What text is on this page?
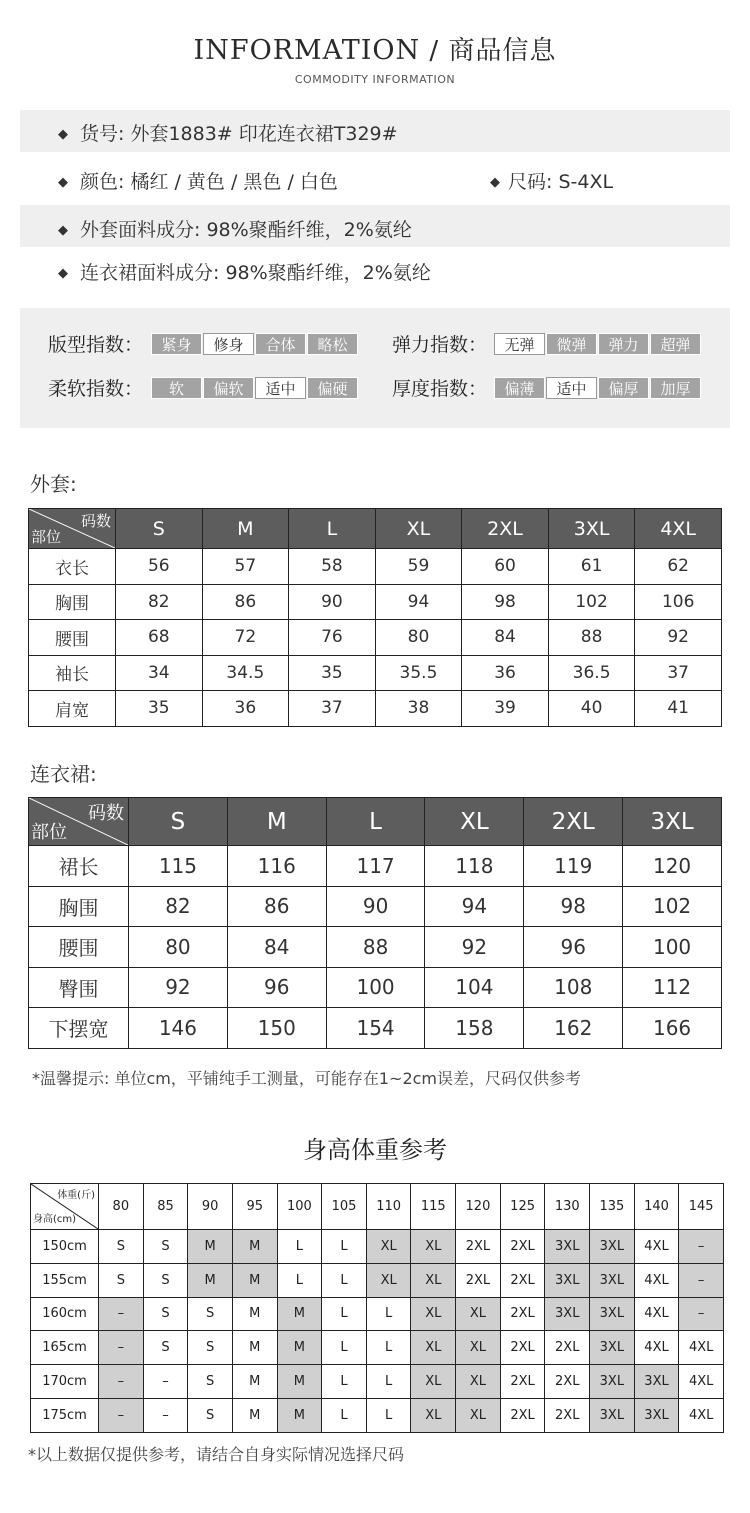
INFORMATION / 商品信息
COMMODITY INFORMATION
◆ 货号: 外套1883# 印花连衣裙T329#
◆ 颜色: 橘红 / 黄色 / 黑色 / 白色	◆ 尺码: S-4XL
◆ 外套面料成分: 98%聚酯纤维，2%氨纶
◆ 连衣裙面料成分: 98%聚酯纤维，2%氨纶
版型指数：	紧身	修身	合体	略松	弹力指数：	无弹	微弹	弹力	超弹
柔软指数：	软	偏软	适中	偏硬	厚度指数：	偏薄	适中	偏厚	加厚
外套:
码数
部位	S	M	L	XL	2XL	3XL	4XL
衣长	56	57	58	59	60	61	62
胸围	82	86	90	94	98	102	106
腰围	68	72	76	80	84	88	92
袖长	34	34.5	35	35.5	36	36.5	37
肩宽	35	36	37	38	39	40	41
连衣裙:
码数
部位	S	M	L	XL	2XL	3XL
裙长	115	116	117	118	119	120
胸围	82	86	90	94	98	102
腰围	80	84	88	92	96	100
臀围	92	96	100	104	108	112
下摆宽	146	150	154	158	162	166
*温馨提示: 单位cm，平铺纯手工测量，可能存在1~2cm误差，尺码仅供参考
身高体重参考
体重(斤)
身高(cm)	80	85	90	95	100	105	110	115	120	125	130	135	140	145
150cm	S	S	M	M	L	L	XL	XL	2XL	2XL	3XL	3XL	4XL	–
155cm	S	S	M	M	L	L	XL	XL	2XL	2XL	3XL	3XL	4XL	–
160cm	–	S	S	M	M	L	L	XL	XL	2XL	3XL	3XL	4XL	–
165cm	–	S	S	M	M	L	L	XL	XL	2XL	2XL	3XL	4XL	4XL
170cm	–	–	S	M	M	L	L	XL	XL	2XL	2XL	3XL	3XL	4XL
175cm	–	–	S	M	M	L	L	XL	XL	2XL	2XL	3XL	3XL	4XL
*以上数据仅提供参考，请结合自身实际情况选择尺码
